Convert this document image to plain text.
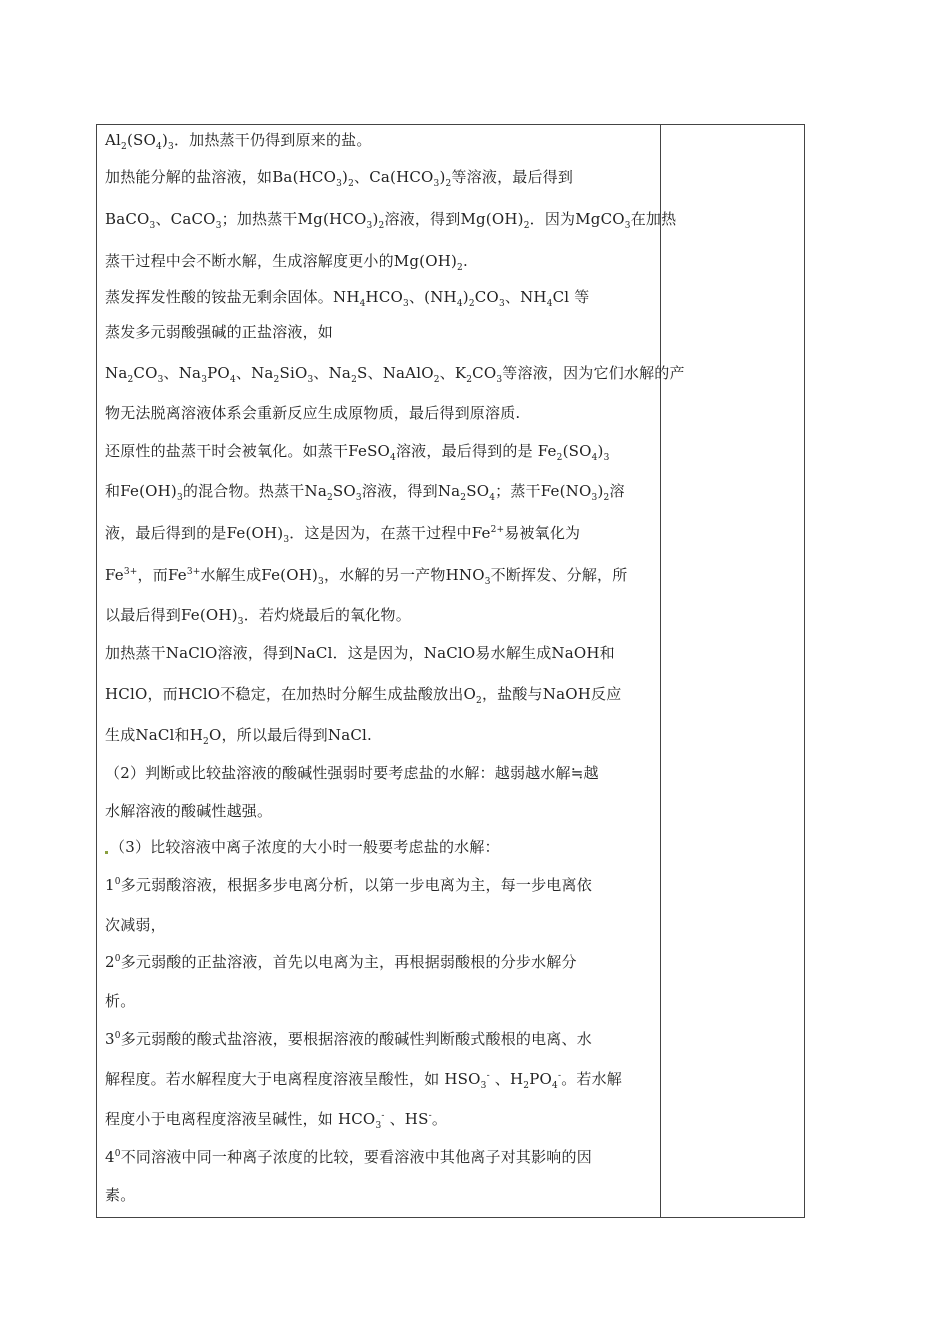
$Al_2(SO_4)_3$．加热蒸干仍得到原来的盐。
加热能分解的盐溶液，如$Ba(HCO_3)_2$、$Ca(HCO_3)_2$等溶液，最后得到
BaCO$_3$、CaCO$_3$；加热蒸干$Mg(HCO_3)_2$溶液，得到$Mg(OH)_2$．因为MgCO$_3$在加热
蒸干过程中会不断水解，生成溶解度更小的$Mg(OH)_2$.
蒸发挥发性酸的铵盐无剩余固体。$NH_4HCO_3$、$(NH_4)_2CO_3$、$NH_4Cl$ 等
蒸发多元弱酸强碱的正盐溶液，如
$Na_2CO_3$、$Na_3PO_4$、$Na_2SiO_3$、$Na_2S$、NaAlO$_2$、$K_2CO_3$等溶液，因为它们水解的产
物无法脱离溶液体系会重新反应生成原物质，最后得到原溶质.
还原性的盐蒸干时会被氧化。如蒸干FeSO$_4$溶液，最后得到的是 $Fe_2(SO_4)_3$
和$Fe(OH)_3$的混合物。热蒸干$Na_2SO_3$溶液，得到$Na_2SO_4$；蒸干$Fe(NO_3)_2$溶
液，最后得到的是$Fe(OH)_3$．这是因为，在蒸干过程中$Fe^{2+}$易被氧化为
$Fe^{3+}$，而$Fe^{3+}$水解生成$Fe(OH)_3$，水解的另一产物$HNO_3$不断挥发、分解，所
以最后得到$Fe(OH)_3$．若灼烧最后的氧化物。
加热蒸干NaClO溶液，得到NaCl．这是因为，NaClO易水解生成NaOH和
HClO，而HClO不稳定，在加热时分解生成盐酸放出$O_2$，盐酸与NaOH反应
生成NaCl和$H_2O$，所以最后得到NaCl.
（2）判断或比较盐溶液的酸碱性强弱时要考虑盐的水解：越弱越水解≒越
水解溶液的酸碱性越强。
（3）比较溶液中离子浓度的大小时一般要考虑盐的水解：
$1^0$多元弱酸溶液，根据多步电离分析，以第一步电离为主，每一步电离依
次减弱，
$2^0$多元弱酸的正盐溶液，首先以电离为主，再根据弱酸根的分步水解分
析。
$3^0$多元弱酸的酸式盐溶液，要根据溶液的酸碱性判断酸式酸根的电离、水
解程度。若水解程度大于电离程度溶液呈酸性，如 $HSO_3^-$ 、$H_2PO_4^-$。若水解
程度小于电离程度溶液呈碱性，如 $HCO_3^-$ 、HS-。
$4^0$不同溶液中同一种离子浓度的比较，要看溶液中其他离子对其影响的因
素。
